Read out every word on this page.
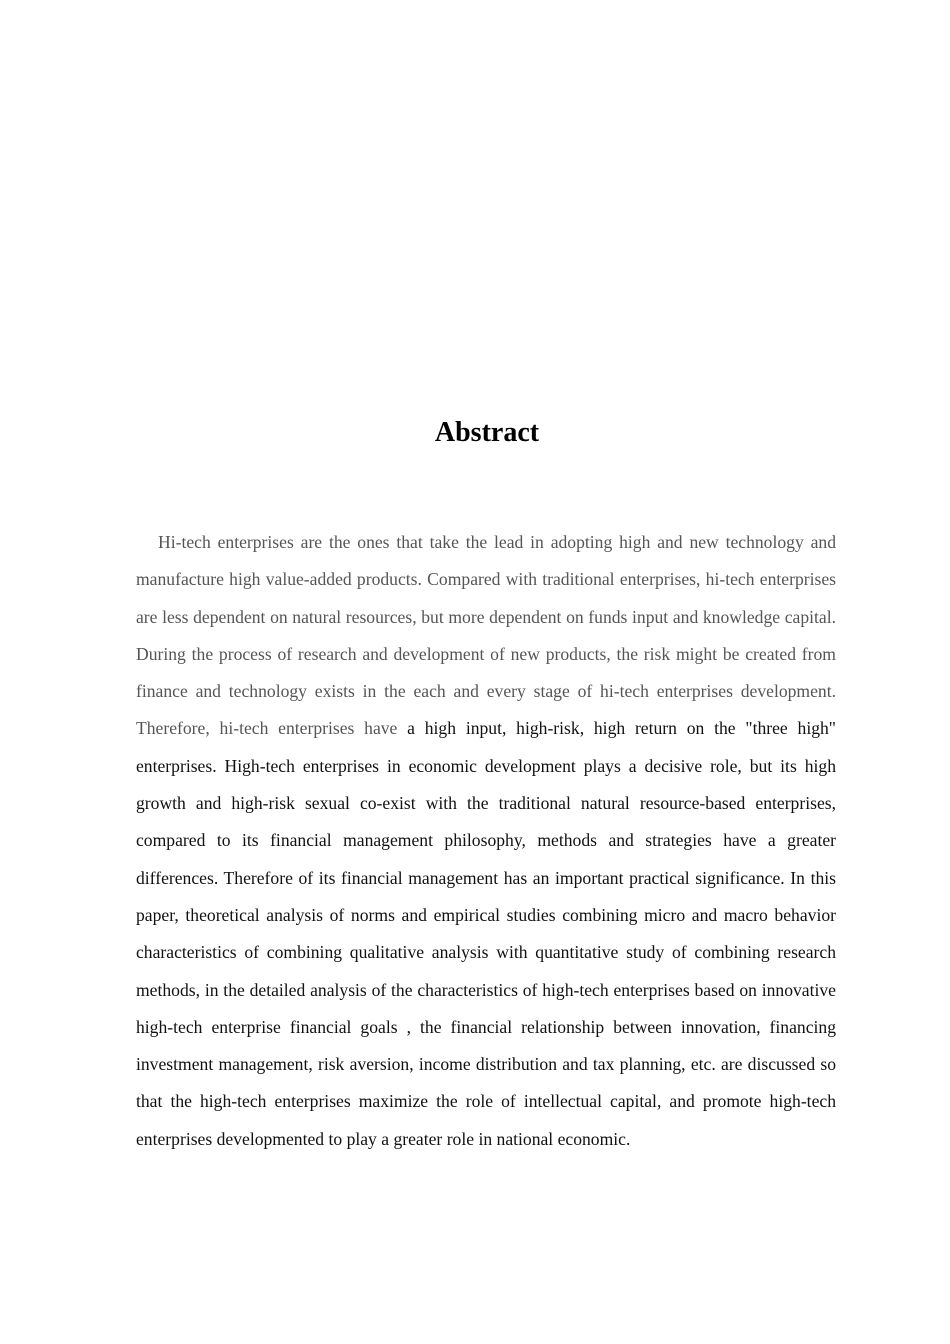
Abstract

Hi-tech enterprises are the ones that take the lead in adopting high and new technology and manufacture high value-added products. Compared with traditional enterprises, hi-tech enterprises are less dependent on natural resources, but more dependent on funds input and knowledge capital. During the process of research and development of new products, the risk might be created from finance and technology exists in the each and every stage of hi-tech enterprises development. Therefore, hi-tech enterprises have a high input, high-risk, high return on the "three high" enterprises. High-tech enterprises in economic development plays a decisive role, but its high growth and high-risk sexual co-exist with the traditional natural resource-based enterprises, compared to its financial management philosophy, methods and strategies have a greater differences. Therefore of its financial management has an important practical significance. In this paper, theoretical analysis of norms and empirical studies combining micro and macro behavior characteristics of combining qualitative analysis with quantitative study of combining research methods, in the detailed analysis of the characteristics of high-tech enterprises based on innovative high-tech enterprise financial goals , the financial relationship between innovation, financing investment management, risk aversion, income distribution and tax planning, etc. are discussed so that the high-tech enterprises maximize the role of intellectual capital, and promote high-tech enterprises developmented to play a greater role in national economic.
